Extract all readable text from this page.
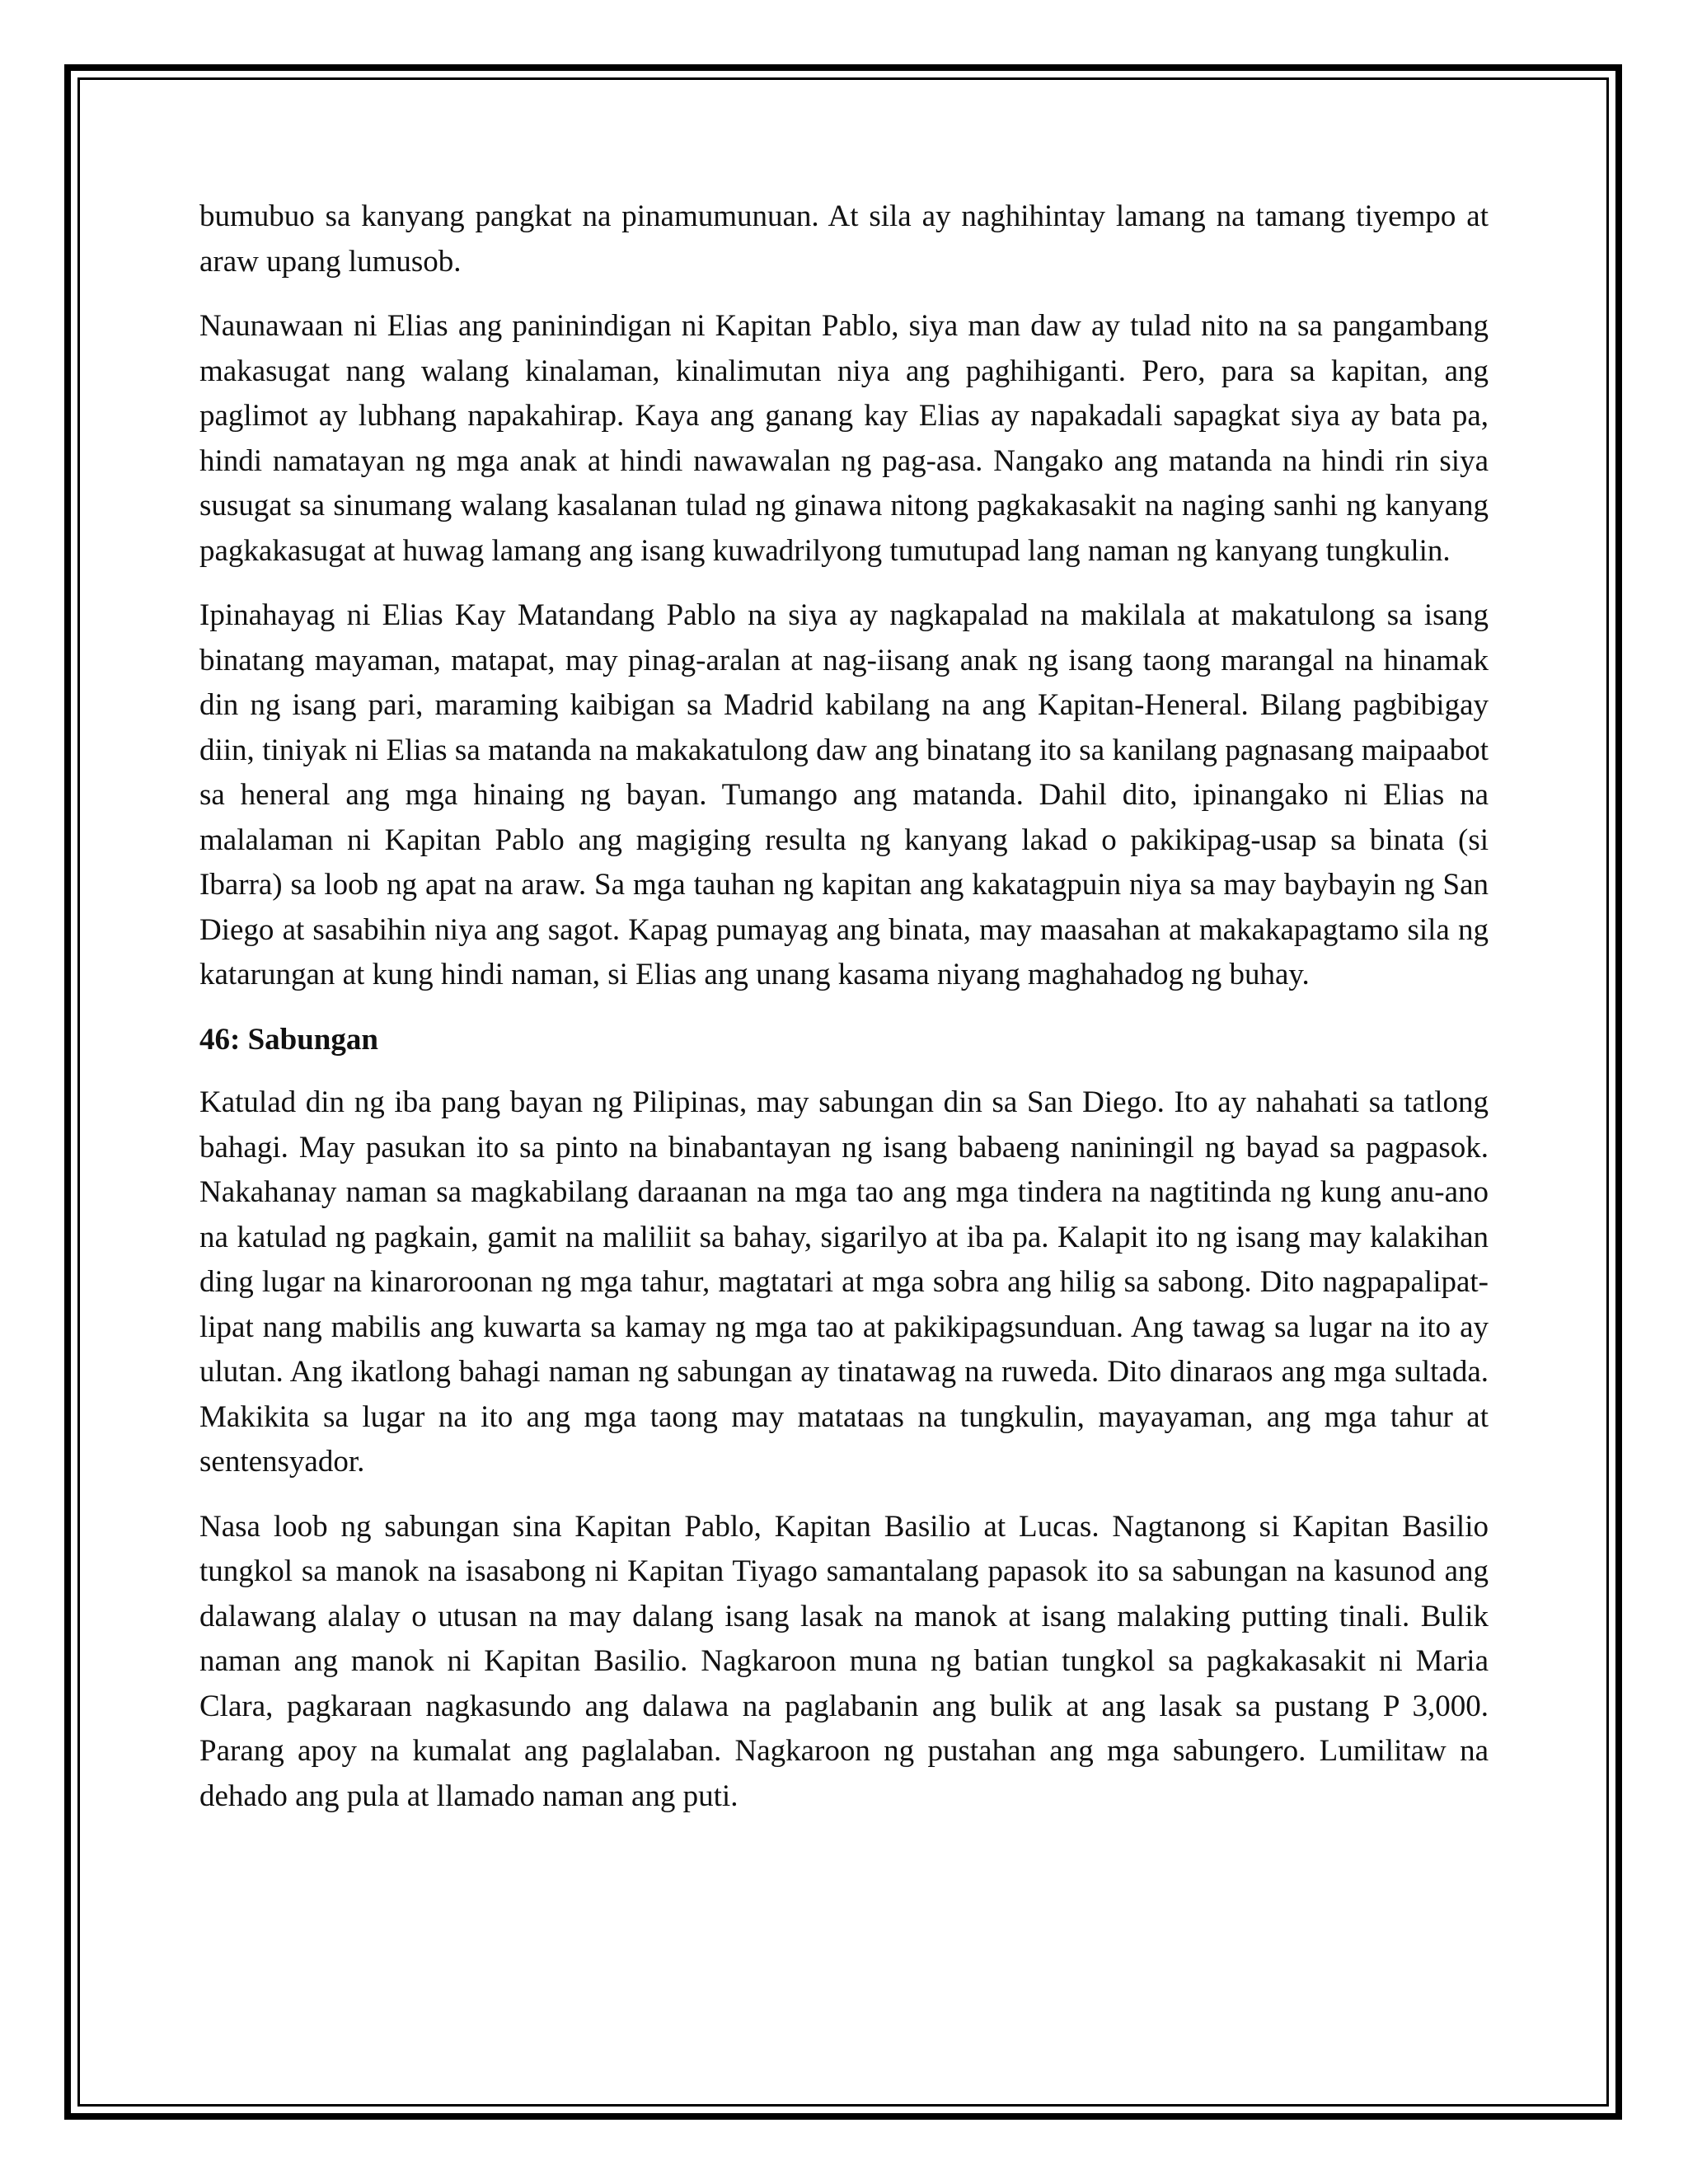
bumubuo sa kanyang pangkat na pinamumunuan. At sila ay naghihintay lamang na tamang tiyempo at araw upang lumusob.

Naunawaan ni Elias ang paninindigan ni Kapitan Pablo, siya man daw ay tulad nito na sa pangambang makasugat nang walang kinalaman, kinalimutan niya ang paghihiganti. Pero, para sa kapitan, ang paglimot ay lubhang napakahirap. Kaya ang ganang kay Elias ay napakadali sapagkat siya ay bata pa, hindi namatayan ng mga anak at hindi nawawalan ng pag-asa. Nangako ang matanda na hindi rin siya susugat sa sinumang walang kasalanan tulad ng ginawa nitong pagkakasakit na naging sanhi ng kanyang pagkakasugat at huwag lamang ang isang kuwadrilyong tumutupad lang naman ng kanyang tungkulin.

Ipinahayag ni Elias Kay Matandang Pablo na siya ay nagkapalad na makilala at makatulong sa isang binatang mayaman, matapat, may pinag-aralan at nag-iisang anak ng isang taong marangal na hinamak din ng isang pari, maraming kaibigan sa Madrid kabilang na ang Kapitan-Heneral. Bilang pagbibigay diin, tiniyak ni Elias sa matanda na makakatulong daw ang binatang ito sa kanilang pagnasang maipaabot sa heneral ang mga hinaing ng bayan. Tumango ang matanda. Dahil dito, ipinangako ni Elias na malalaman ni Kapitan Pablo ang magiging resulta ng kanyang lakad o pakikipag-usap sa binata (si Ibarra) sa loob ng apat na araw. Sa mga tauhan ng kapitan ang kakatagpuin niya sa may baybayin ng San Diego at sasabihin niya ang sagot. Kapag pumayag ang binata, may maasahan at makakapagtamo sila ng katarungan at kung hindi naman, si Elias ang unang kasama niyang maghahadog ng buhay.

46: Sabungan

Katulad din ng iba pang bayan ng Pilipinas, may sabungan din sa San Diego. Ito ay nahahati sa tatlong bahagi. May pasukan ito sa pinto na binabantayan ng isang babaeng naniningil ng bayad sa pagpasok. Nakahanay naman sa magkabilang daraanan na mga tao ang mga tindera na nagtitinda ng kung anu-ano na katulad ng pagkain, gamit na maliliit sa bahay, sigarilyo at iba pa. Kalapit ito ng isang may kalakihan ding lugar na kinaroroonan ng mga tahur, magtatari at mga sobra ang hilig sa sabong. Dito nagpapalipat-lipat nang mabilis ang kuwarta sa kamay ng mga tao at pakikipagsunduan. Ang tawag sa lugar na ito ay ulutan. Ang ikatlong bahagi naman ng sabungan ay tinatawag na ruweda. Dito dinaraos ang mga sultada. Makikita sa lugar na ito ang mga taong may matataas na tungkulin, mayayaman, ang mga tahur at sentensyador.

Nasa loob ng sabungan sina Kapitan Pablo, Kapitan Basilio at Lucas. Nagtanong si Kapitan Basilio tungkol sa manok na isasabong ni Kapitan Tiyago samantalang papasok ito sa sabungan na kasunod ang dalawang alalay o utusan na may dalang isang lasak na manok at isang malaking putting tinali. Bulik naman ang manok ni Kapitan Basilio. Nagkaroon muna ng batian tungkol sa pagkakasakit ni Maria Clara, pagkaraan nagkasundo ang dalawa na paglabanin ang bulik at ang lasak sa pustang P 3,000. Parang apoy na kumalat ang paglalaban. Nagkaroon ng pustahan ang mga sabungero. Lumilitaw na dehado ang pula at llamado naman ang puti.
